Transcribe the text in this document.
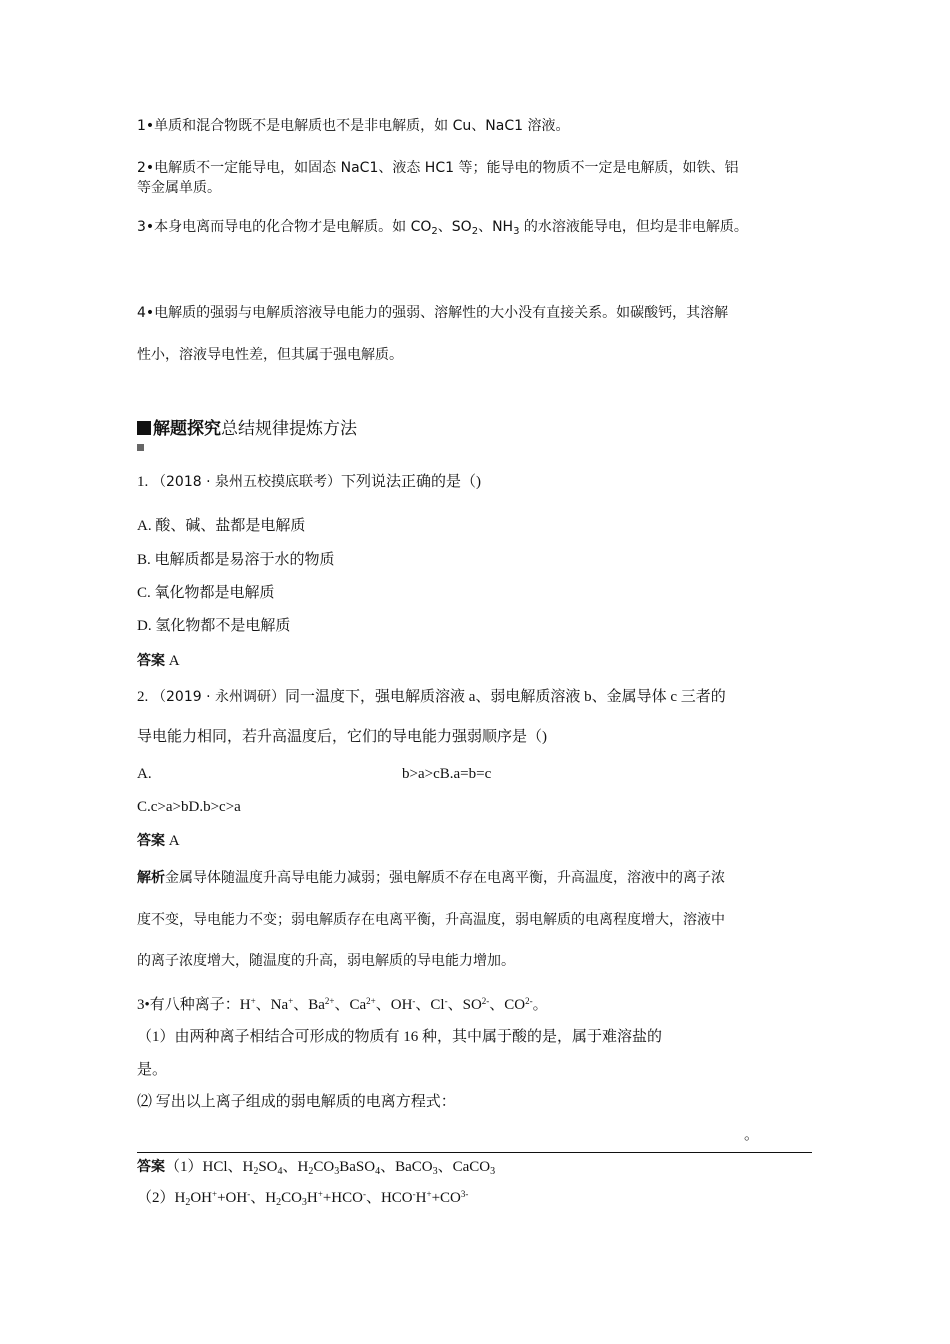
1•单质和混合物既不是电解质也不是非电解质，如 Cu、NaC1 溶液。
2•电解质不一定能导电，如固态 NaC1、液态 HC1 等；能导电的物质不一定是电解质，如铁、铝
等金属单质。
3•本身电离而导电的化合物才是电解质。如 $CO_2$、$SO_2$、$NH_3$ 的水溶液能导电，但均是非电解质。
4•电解质的强弱与电解质溶液导电能力的强弱、溶解性的大小没有直接关系。如碳酸钙，其溶解
性小，溶液导电性差，但其属于强电解质。
解题探究总结规律提炼方法
1. （2018 · 泉州五校摸底联考）下列说法正确的是（)
A. 酸、碱、盐都是电解质
B. 电解质都是易溶于水的物质
C. 氧化物都是电解质
D. 氢化物都不是电解质
答案 A
2. （2019 · 永州调研）同一温度下，强电解质溶液 a、弱电解质溶液 b、金属导体 c 三者的
导电能力相同，若升高温度后，它们的导电能力强弱顺序是（)
A.	b>a>cB.a=b=c
C.c>a>bD.b>c>a
答案 A
解析金属导体随温度升高导电能力减弱；强电解质不存在电离平衡，升高温度，溶液中的离子浓
度不变，导电能力不变；弱电解质存在电离平衡，升高温度，弱电解质的电离程度增大，溶液中
的离子浓度增大，随温度的升高，弱电解质的导电能力增加。
3•有八种离子：H+、Na+、$Ba^{2+}$、$Ca^{2+}$、OH-、Cl-、$SO^{2-}$、$CO^{2-}$。
（1）由两种离子相结合可形成的物质有 16 种，其中属于酸的是，属于难溶盐的
是。
⑵ 写出以上离子组成的弱电解质的电离方程式：
。
答案（1）HCl、$H_2SO_4$、$H_2CO_3BaSO_4$、BaCO$_3$、CaCO$_3$
$(2)H_2OH^++OH^-$、$H_2CO_3H^++HCO^-$、$HCO^-H^++CO^{3-}$
